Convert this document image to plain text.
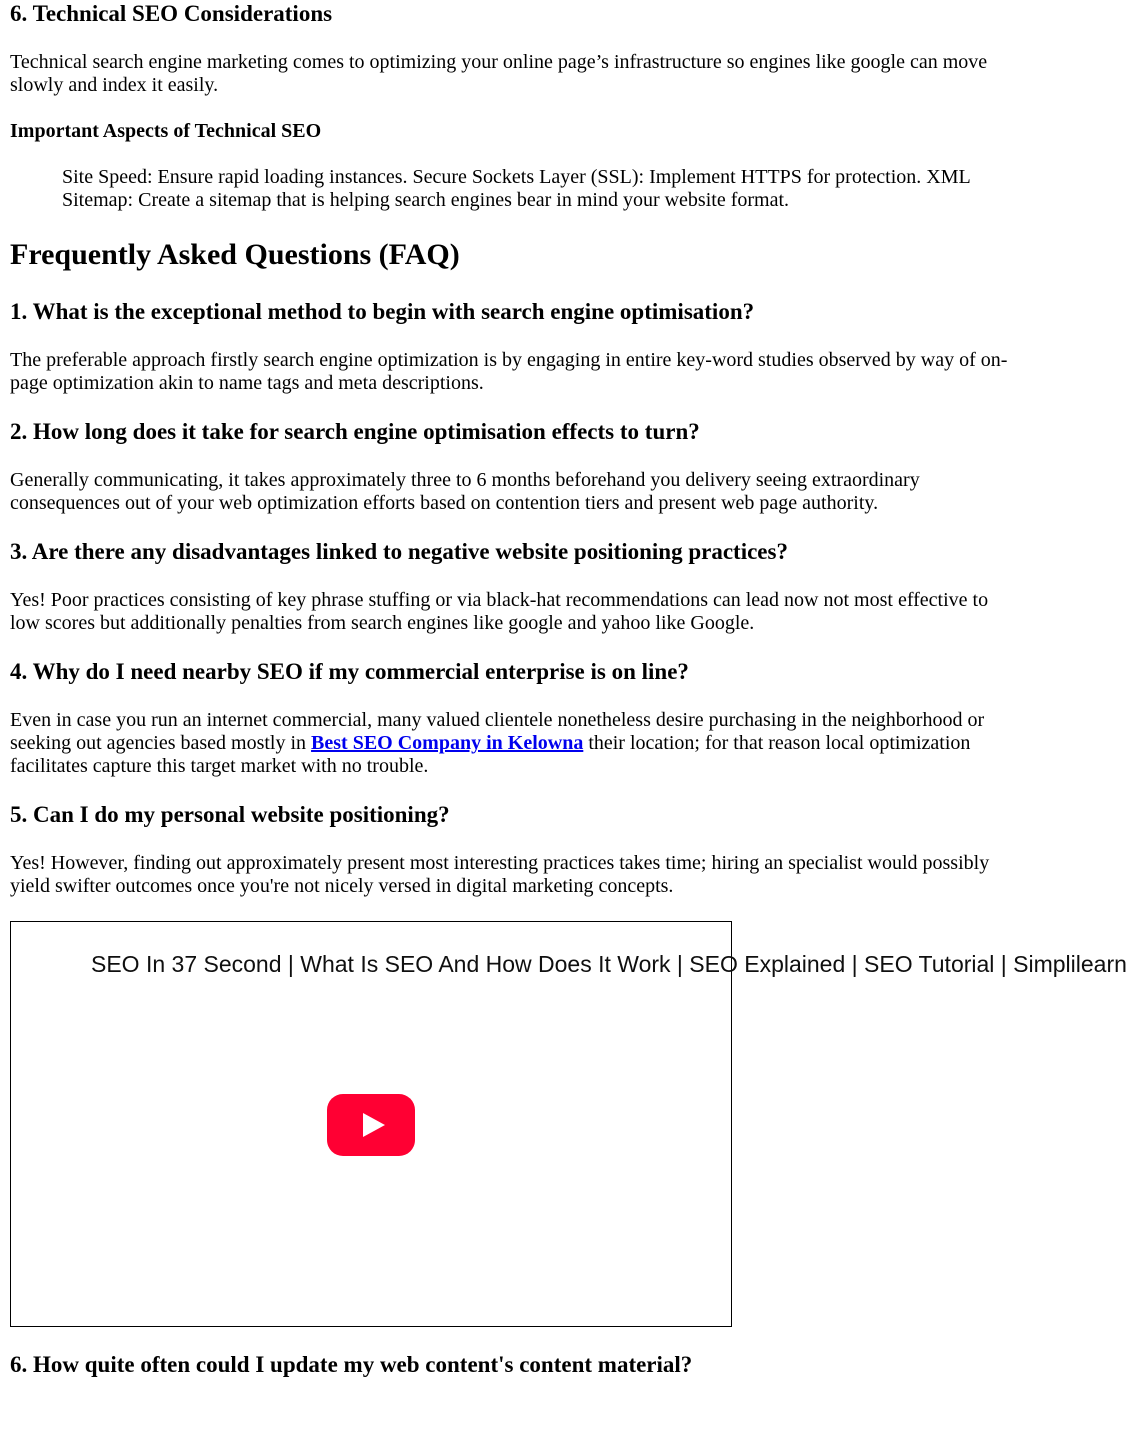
6. Technical SEO Considerations

Technical search engine marketing comes to optimizing your online page’s infrastructure so engines like google can move slowly and index it easily.

Important Aspects of Technical SEO
Site Speed: Ensure rapid loading instances. Secure Sockets Layer (SSL): Implement HTTPS for protection. XML Sitemap: Create a sitemap that is helping search engines bear in mind your website format.
Frequently Asked Questions (FAQ)
1. What is the exceptional method to begin with search engine optimisation?

The preferable approach firstly search engine optimization is by engaging in entire key-word studies observed by way of on-page optimization akin to name tags and meta descriptions.

2. How long does it take for search engine optimisation effects to turn?

Generally communicating, it takes approximately three to 6 months beforehand you delivery seeing extraordinary consequences out of your web optimization efforts based on contention tiers and present web page authority.

3. Are there any disadvantages linked to negative website positioning practices?

Yes! Poor practices consisting of key phrase stuffing or via black-hat recommendations can lead now not most effective to low scores but additionally penalties from search engines like google and yahoo like Google.

4. Why do I need nearby SEO if my commercial enterprise is on line?

Even in case you run an internet commercial, many valued clientele nonetheless desire purchasing in the neighborhood or seeking out agencies based mostly in Best SEO Company in Kelowna their location; for that reason local optimization facilitates capture this target market with no trouble.

5. Can I do my personal website positioning?

Yes! However, finding out approximately present most interesting practices takes time; hiring an specialist would possibly yield swifter outcomes once you're not nicely versed in digital marketing concepts.

SEO In 37 Second | What Is SEO And How Does It Work | SEO Explained | SEO Tutorial | Simplilearn
6. How quite often could I update my web content's content material?
